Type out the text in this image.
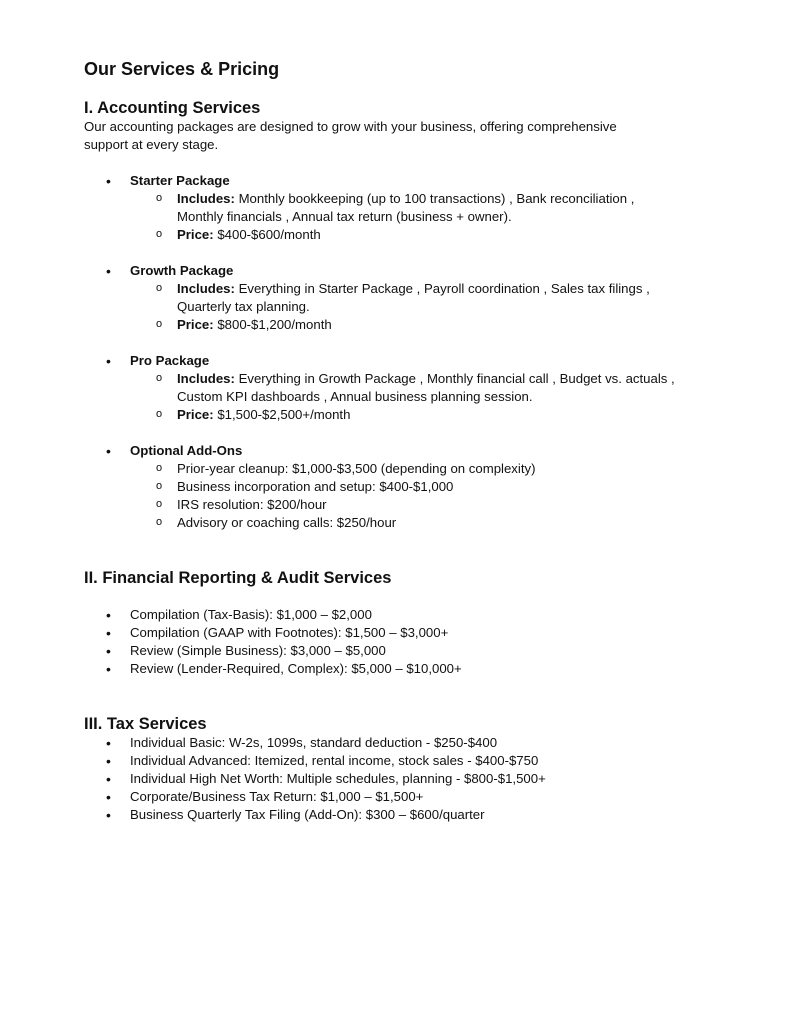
Our Services & Pricing
I. Accounting Services

Our accounting packages are designed to grow with your business, offering comprehensive support at every stage.

• Starter Package
o Includes: Monthly bookkeeping (up to 100 transactions) , Bank reconciliation ,
Monthly financials , Annual tax return (business + owner).
o Price: $400-$600/month
• Growth Package
o Includes: Everything in Starter Package , Payroll coordination , Sales tax filings ,
Quarterly tax planning.
o Price: $800-$1,200/month
• Pro Package
o Includes: Everything in Growth Package , Monthly financial call , Budget vs. actuals ,
Custom KPI dashboards , Annual business planning session.
o Price: $1,500-$2,500+/month
• Optional Add-Ons
o Prior-year cleanup: $1,000-$3,500 (depending on complexity)
o Business incorporation and setup: $400-$1,000
o IRS resolution: $200/hour
o Advisory or coaching calls: $250/hour
II. Financial Reporting & Audit Services
• Compilation (Tax-Basis): $1,000 – $2,000
• Compilation (GAAP with Footnotes): $1,500 – $3,000+
• Review (Simple Business): $3,000 – $5,000
• Review (Lender-Required, Complex): $5,000 – $10,000+
III. Tax Services
• Individual Basic: W-2s, 1099s, standard deduction - $250-$400
• Individual Advanced: Itemized, rental income, stock sales - $400-$750
• Individual High Net Worth: Multiple schedules, planning - $800-$1,500+
• Corporate/Business Tax Return: $1,000 – $1,500+
• Business Quarterly Tax Filing (Add-On): $300 – $600/quarter
